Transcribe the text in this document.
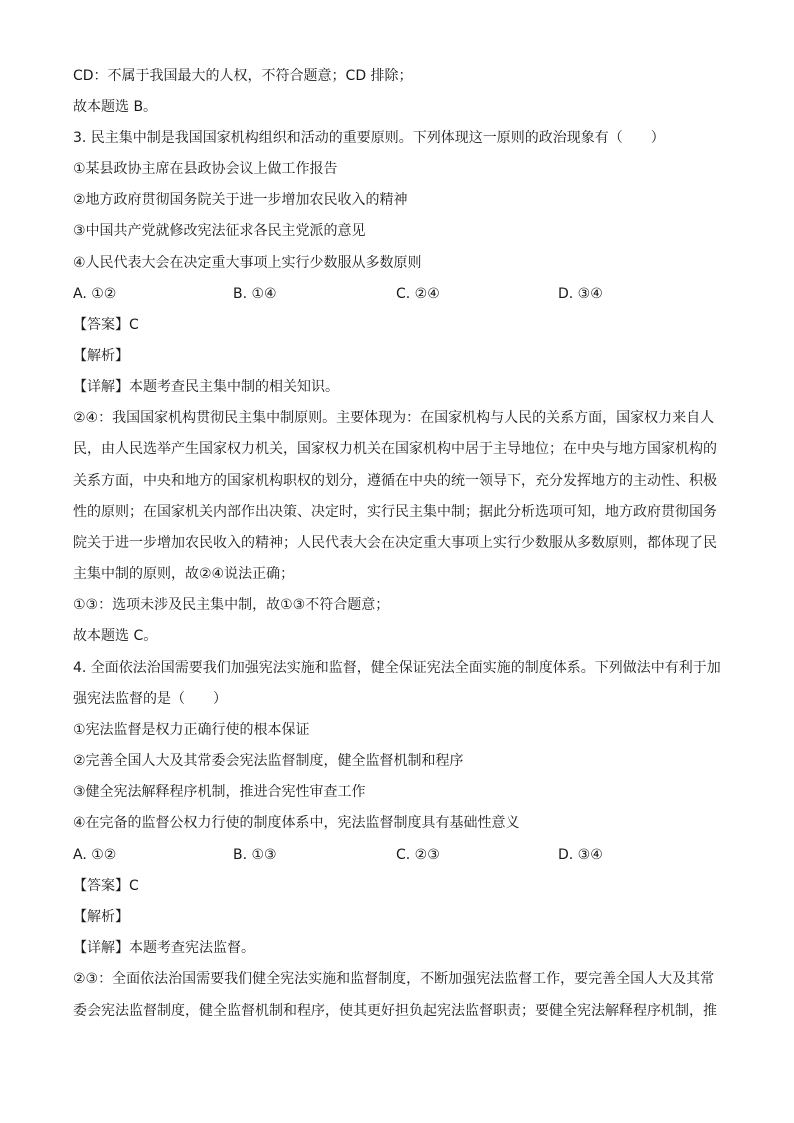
CD：不属于我国最大的人权，不符合题意；CD 排除；
故本题选 B。
3. 民主集中制是我国国家机构组织和活动的重要原则。下列体现这一原则的政治现象有（　　）
①某县政协主席在县政协会议上做工作报告
②地方政府贯彻国务院关于进一步增加农民收入的精神
③中国共产党就修改宪法征求各民主党派的意见
④人民代表大会在决定重大事项上实行少数服从多数原则
A. ①②	B. ①④	C. ②④	D. ③④
【答案】C
【解析】
【详解】本题考查民主集中制的相关知识。
②④：我国国家机构贯彻民主集中制原则。主要体现为：在国家机构与人民的关系方面，国家权力来自人
民，由人民选举产生国家权力机关，国家权力机关在国家机构中居于主导地位；在中央与地方国家机构的
关系方面，中央和地方的国家机构职权的划分，遵循在中央的统一领导下，充分发挥地方的主动性、积极
性的原则；在国家机关内部作出决策、决定时，实行民主集中制；据此分析选项可知，地方政府贯彻国务
院关于进一步增加农民收入的精神；人民代表大会在决定重大事项上实行少数服从多数原则，都体现了民
主集中制的原则，故②④说法正确；
①③：选项未涉及民主集中制，故①③不符合题意；
故本题选 C。
4. 全面依法治国需要我们加强宪法实施和监督，健全保证宪法全面实施的制度体系。下列做法中有利于加
强宪法监督的是（　　）
①宪法监督是权力正确行使的根本保证
②完善全国人大及其常委会宪法监督制度，健全监督机制和程序
③健全宪法解释程序机制，推进合宪性审查工作
④在完备的监督公权力行使的制度体系中，宪法监督制度具有基础性意义
A. ①②	B. ①③	C. ②③	D. ③④
【答案】C
【解析】
【详解】本题考查宪法监督。
②③：全面依法治国需要我们健全宪法实施和监督制度，不断加强宪法监督工作，要完善全国人大及其常
委会宪法监督制度，健全监督机制和程序，使其更好担负起宪法监督职责；要健全宪法解释程序机制，推
